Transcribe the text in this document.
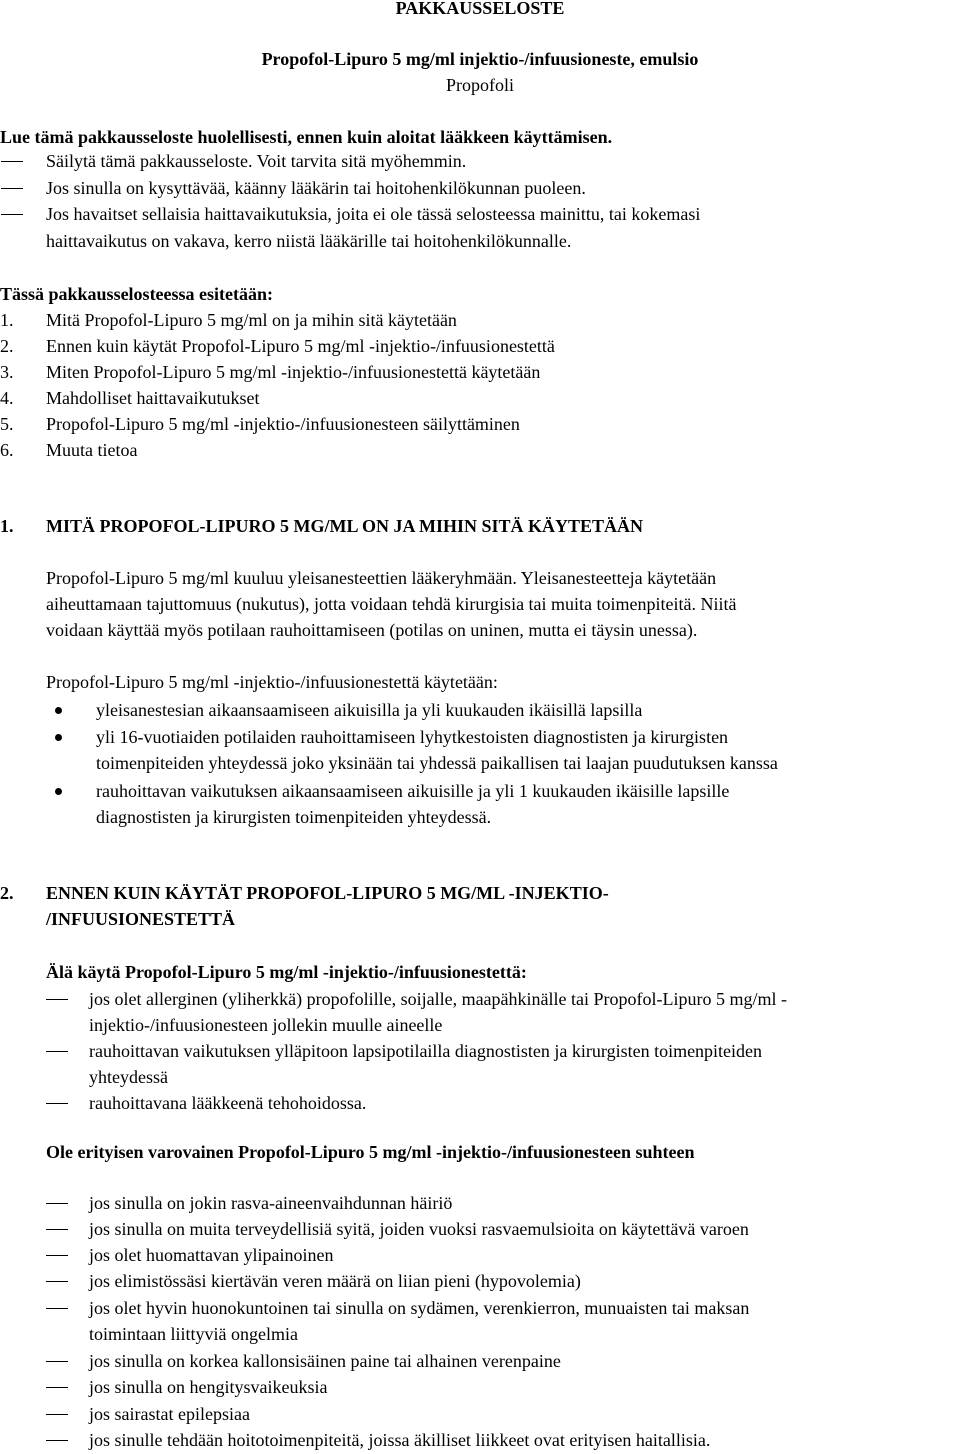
PAKKAUSSELOSTE
Propofol-Lipuro 5 mg/ml injektio-/infuusioneste, emulsio
Propofoli
Lue tämä pakkausseloste huolellisesti, ennen kuin aloitat lääkkeen käyttämisen.
Säilytä tämä pakkausseloste. Voit tarvita sitä myöhemmin.
Jos sinulla on kysyttävää, käänny lääkärin tai hoitohenkilökunnan puoleen.
Jos havaitset sellaisia haittavaikutuksia, joita ei ole tässä selosteessa mainittu, tai kokemasi
haittavaikutus on vakava, kerro niistä lääkärille tai hoitohenkilökunnalle.
Tässä pakkausselosteessa esitetään:
1. Mitä Propofol-Lipuro 5 mg/ml on ja mihin sitä käytetään
2. Ennen kuin käytät Propofol-Lipuro 5 mg/ml -injektio-/infuusionestettä
3. Miten Propofol-Lipuro 5 mg/ml -injektio-/infuusionestettä käytetään
4. Mahdolliset haittavaikutukset
5. Propofol-Lipuro 5 mg/ml -injektio-/infuusionesteen säilyttäminen
6. Muuta tietoa
1. MITÄ PROPOFOL-LIPURO 5 MG/ML ON JA MIHIN SITÄ KÄYTETÄÄN
Propofol-Lipuro 5 mg/ml kuuluu yleisanesteettien lääkeryhmään. Yleisanesteetteja käytetään
aiheuttamaan tajuttomuus (nukutus), jotta voidaan tehdä kirurgisia tai muita toimenpiteitä. Niitä
voidaan käyttää myös potilaan rauhoittamiseen (potilas on uninen, mutta ei täysin unessa).
Propofol-Lipuro 5 mg/ml -injektio-/infuusionestettä käytetään:
yleisanestesian aikaansaamiseen aikuisilla ja yli kuukauden ikäisillä lapsilla
yli 16-vuotiaiden potilaiden rauhoittamiseen lyhytkestoisten diagnostisten ja kirurgisten
toimenpiteiden yhteydessä joko yksinään tai yhdessä paikallisen tai laajan puudutuksen kanssa
rauhoittavan vaikutuksen aikaansaamiseen aikuisille ja yli 1 kuukauden ikäisille lapsille
diagnostisten ja kirurgisten toimenpiteiden yhteydessä.
2. ENNEN KUIN KÄYTÄT PROPOFOL-LIPURO 5 MG/ML -INJEKTIO-
/INFUUSIONESTETTÄ
Älä käytä Propofol-Lipuro 5 mg/ml -injektio-/infuusionestettä:
jos olet allerginen (yliherkkä) propofolille, soijalle, maapähkinälle tai Propofol-Lipuro 5 mg/ml -
injektio-/infuusionesteen jollekin muulle aineelle
rauhoittavan vaikutuksen ylläpitoon lapsipotilailla diagnostisten ja kirurgisten toimenpiteiden
yhteydessä
rauhoittavana lääkkeenä tehohoidossa.
Ole erityisen varovainen Propofol-Lipuro 5 mg/ml -injektio-/infuusionesteen suhteen
jos sinulla on jokin rasva-aineenvaihdunnan häiriö
jos sinulla on muita terveydellisiä syitä, joiden vuoksi rasvaemulsioita on käytettävä varoen
jos olet huomattavan ylipainoinen
jos elimistössäsi kiertävän veren määrä on liian pieni (hypovolemia)
jos olet hyvin huonokuntoinen tai sinulla on sydämen, verenkierron, munuaisten tai maksan
toimintaan liittyviä ongelmia
jos sinulla on korkea kallonsisäinen paine tai alhainen verenpaine
jos sinulla on hengitysvaikeuksia
jos sairastat epilepsiaa
jos sinulle tehdään hoitotoimenpiteitä, joissa äkilliset liikkeet ovat erityisen haitallisia.
